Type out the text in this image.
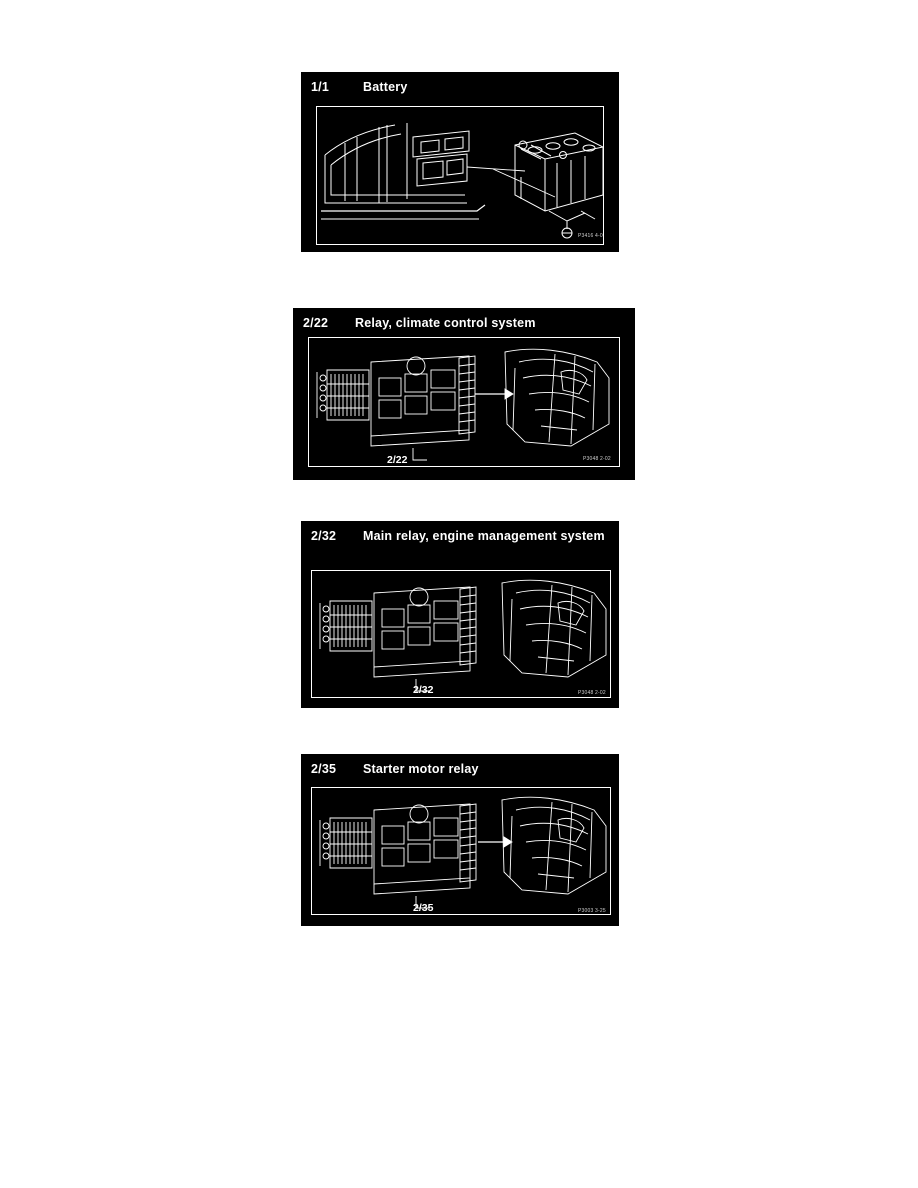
1/1	Battery
P3416 4-0
2/22	Relay, climate control system
2/22	P3048 2-02
2/32	Main relay, engine management system
2/32	P3048 2-02
2/35	Starter motor relay
2/35	P3003 3-25
